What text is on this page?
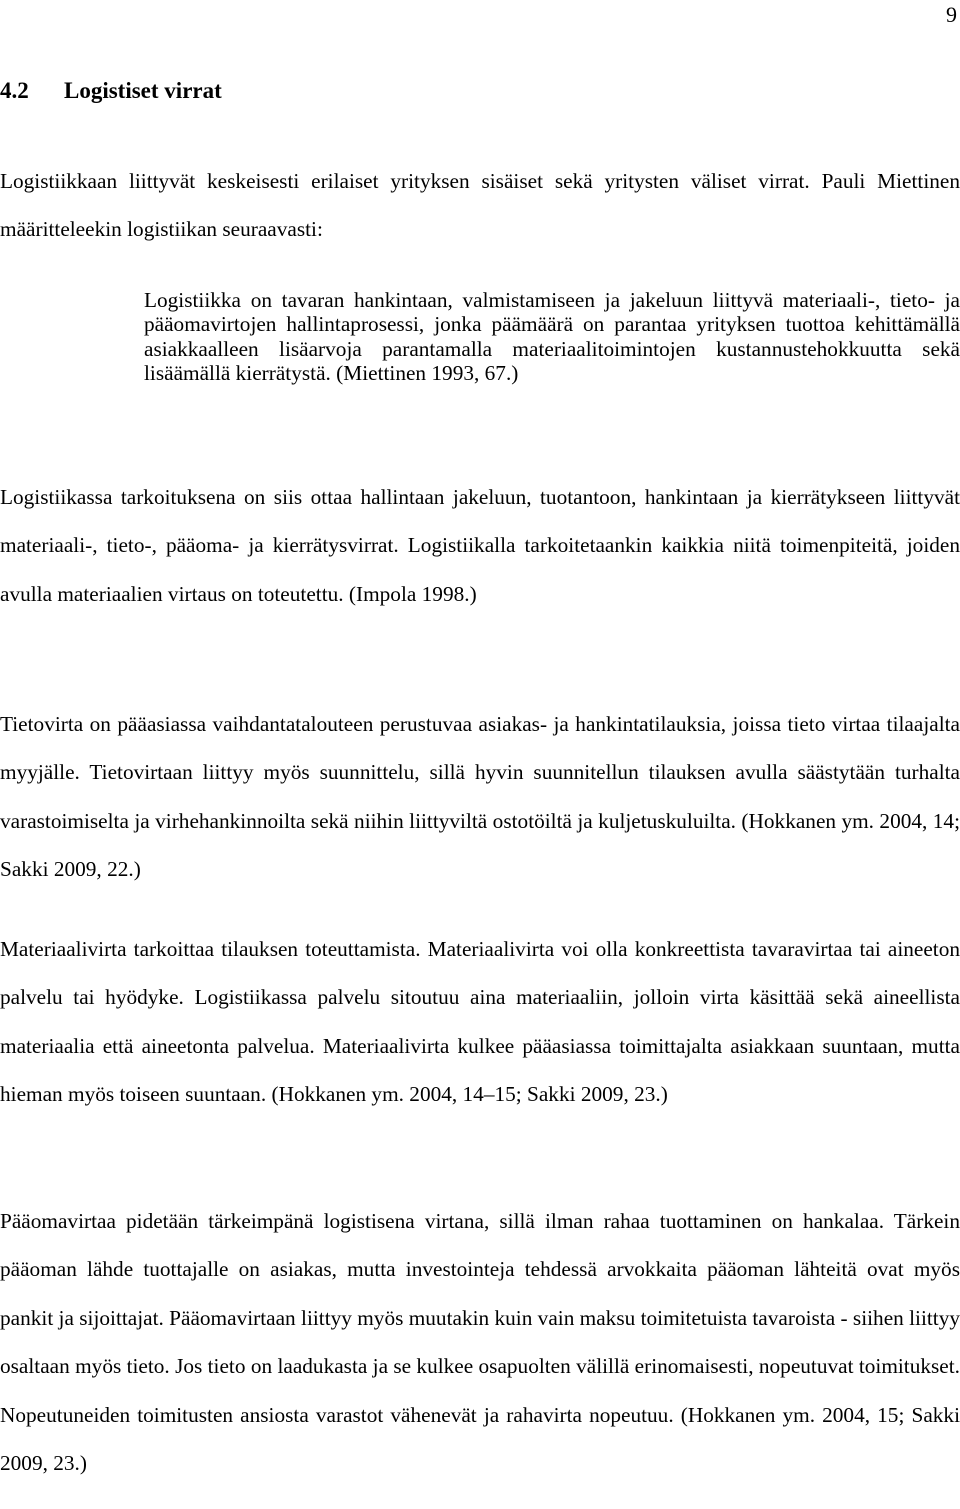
9
4.2 Logistiset virrat

Logistiikkaan liittyvät keskeisesti erilaiset yrityksen sisäiset sekä yritysten väliset virrat. Pauli Miettinen määritteleekin logistiikan seuraavasti:

Logistiikka on tavaran hankintaan, valmistamiseen ja jakeluun liittyvä materiaali-, tieto- ja pääomavirtojen hallintaprosessi, jonka päämäärä on parantaa yrityksen tuottoa kehittämällä asiakkaalleen lisäarvoja parantamalla materiaalitoimintojen kustannustehokkuutta sekä lisäämällä kierrätystä. (Miettinen 1993, 67.)

Logistiikassa tarkoituksena on siis ottaa hallintaan jakeluun, tuotantoon, hankintaan ja kierrätykseen liittyvät materiaali-, tieto-, pääoma- ja kierrätysvirrat. Logistiikalla tarkoitetaankin kaikkia niitä toimenpiteitä, joiden avulla materiaalien virtaus on toteutettu. (Impola 1998.)

Tietovirta on pääasiassa vaihdantatalouteen perustuvaa asiakas- ja hankintatilauksia, joissa tieto virtaa tilaajalta myyjälle. Tietovirtaan liittyy myös suunnittelu, sillä hyvin suunnitellun tilauksen avulla säästytään turhalta varastoimiselta ja virhehankinnoilta sekä niihin liittyviltä ostotöiltä ja kuljetuskuluilta. (Hokkanen ym. 2004, 14; Sakki 2009, 22.)

Materiaalivirta tarkoittaa tilauksen toteuttamista. Materiaalivirta voi olla konkreettista tavaravirtaa tai aineeton palvelu tai hyödyke. Logistiikassa palvelu sitoutuu aina materiaaliin, jolloin virta käsittää sekä aineellista materiaalia että aineetonta palvelua. Materiaalivirta kulkee pääasiassa toimittajalta asiakkaan suuntaan, mutta hieman myös toiseen suuntaan. (Hokkanen ym. 2004, 14–15; Sakki 2009, 23.)

Pääomavirtaa pidetään tärkeimpänä logistisena virtana, sillä ilman rahaa tuottaminen on hankalaa. Tärkein pääoman lähde tuottajalle on asiakas, mutta investointeja tehdessä arvokkaita pääoman lähteitä ovat myös pankit ja sijoittajat. Pääomavirtaan liittyy myös muutakin kuin vain maksu toimitetuista tavaroista - siihen liittyy osaltaan myös tieto. Jos tieto on laadukasta ja se kulkee osapuolten välillä erinomaisesti, nopeutuvat toimitukset. Nopeutuneiden toimitusten ansiosta varastot vähenevät ja rahavirta nopeutuu. (Hokkanen ym. 2004, 15; Sakki 2009, 23.)
